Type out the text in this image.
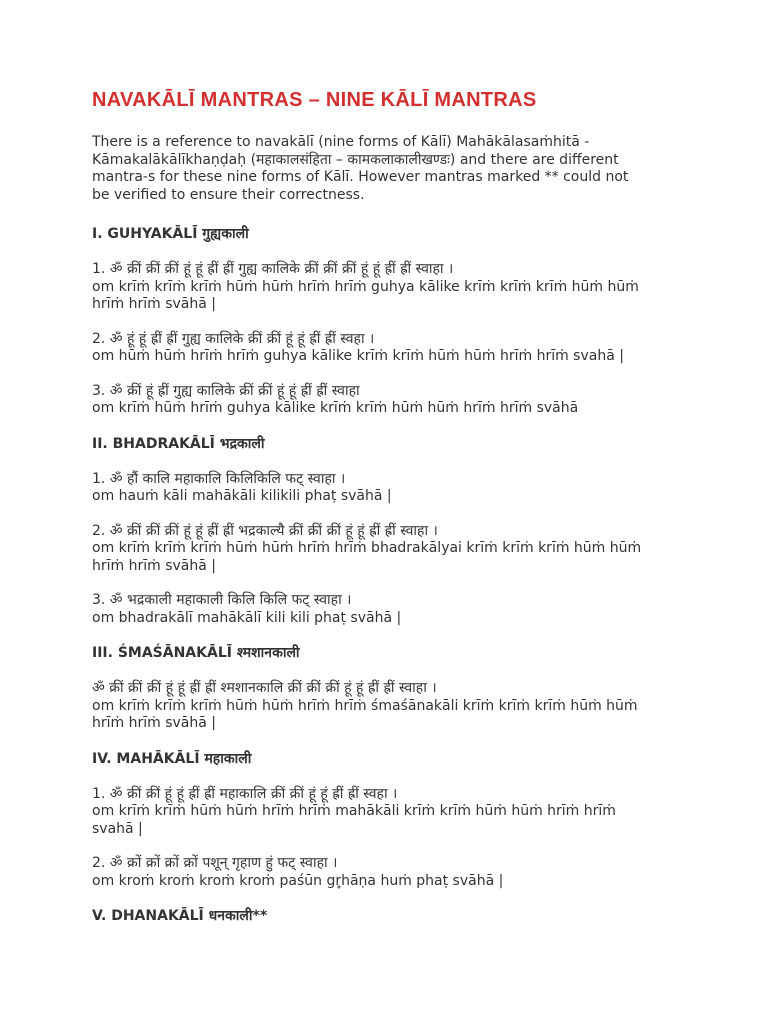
NAVAKĀLĪ MANTRAS – NINE KĀLĪ MANTRAS

There is a reference to navakālī (nine forms of Kālī) Mahākālasaṁhitā - Kāmakalākālīkhaṇḍaḥ (महाकालसंहिता – कामकलाकालीखण्डः) and there are different mantra-s for these nine forms of Kālī. However mantras marked ** could not be verified to ensure their correctness.

I. GUHYAKĀLĪ गुह्यकाली
1. ॐ क्रीं क्रीं क्रीं हूं हूं ह्रीं ह्रीं गुह्य कालिके क्रीं क्रीं क्रीं हूं हूं ह्रीं ह्रीं स्वाहा ।
om krīṁ krīṁ krīṁ hūṁ hūṁ hrīṁ hrīṁ guhya kālike krīṁ krīṁ krīṁ hūṁ hūṁ hrīṁ hrīṁ svāhā |
2. ॐ हूं हूं ह्रीं ह्रीं गुह्य कालिके क्रीं क्रीं हूं हूं ह्रीं ह्रीं स्वहा ।
om hūṁ hūṁ hrīṁ hrīṁ guhya kālike krīṁ krīṁ hūṁ hūṁ hrīṁ hrīṁ svahā |
3. ॐ क्रीं हूं ह्रीं गुह्य कालिके क्रीं क्रीं हूं हूं ह्रीं ह्रीं स्वाहा
om krīṁ hūṁ hrīṁ guhya kālike krīṁ krīṁ hūṁ hūṁ hrīṁ hrīṁ svāhā
II. BHADRAKĀLĪ भद्रकाली
1. ॐ हौं कालि महाकालि किलिकिलि फट् स्वाहा ।
om hauṁ kāli mahākāli kilikili phaṭ svāhā |
2. ॐ क्रीं क्रीं क्रीं हूं हूं ह्रीं ह्रीं भद्रकाल्यै क्रीं क्रीं क्रीं हूं हूं ह्रीं ह्रीं स्वाहा ।
om krīṁ krīṁ krīṁ hūṁ hūṁ hrīṁ hrīṁ bhadrakālyai krīṁ krīṁ krīṁ hūṁ hūṁ hrīṁ hrīṁ svāhā |
3. ॐ भद्रकाली महाकाली किलि किलि फट् स्वाहा ।
om bhadrakālī mahākālī kili kili phaṭ svāhā |
III. ŚMAŚĀNAKĀLĪ श्मशानकाली
ॐ क्रीं क्रीं क्रीं हूं हूं ह्रीं ह्रीं श्मशानकालि क्रीं क्रीं क्रीं हूं हूं ह्रीं ह्रीं स्वाहा ।
om krīṁ krīṁ krīṁ hūṁ hūṁ hrīṁ hrīṁ śmaśānakāli krīṁ krīṁ krīṁ hūṁ hūṁ hrīṁ hrīṁ svāhā |
IV. MAHĀKĀLĪ महाकाली
1. ॐ क्रीं क्रीं हूं हूं ह्रीं ह्रीं महाकालि क्रीं क्रीं हूं हूं ह्रीं ह्रीं स्वहा ।
om krīṁ krīṁ hūṁ hūṁ hrīṁ hrīṁ mahākāli krīṁ krīṁ hūṁ hūṁ hrīṁ hrīṁ svahā |
2. ॐ क्रों क्रों क्रों क्रों पशून् गृहाण हुं फट् स्वाहा ।
om kroṁ kroṁ kroṁ kroṁ paśūn gr̥hāṇa huṁ phaṭ svāhā |
V. DHANAKĀLĪ धनकाली**
